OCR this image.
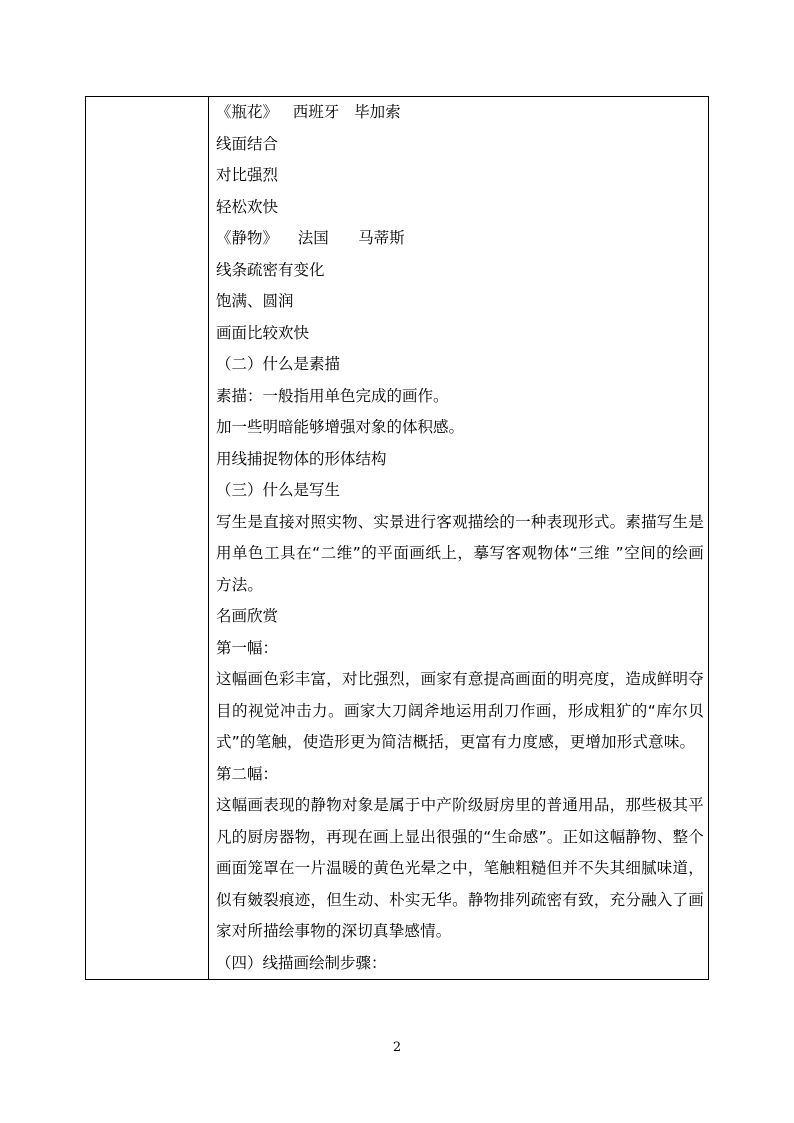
《瓶花》   西班牙   毕加索
线面结合
对比强烈
轻松欢快
《静物》    法国      马蒂斯
线条疏密有变化
饱满、圆润
画面比较欢快
（二）什么是素描
素描：一般指用单色完成的画作。
加一些明暗能够增强对象的体积感。
用线捕捉物体的形体结构
（三）什么是写生
写生是直接对照实物、实景进行客观描绘的一种表现形式。素描写生是用单色工具在“二维”的平面画纸上，摹写客观物体“三维 ”空间的绘画方法。
名画欣赏
第一幅：
这幅画色彩丰富，对比强烈，画家有意提高画面的明亮度，造成鲜明夺目的视觉冲击力。画家大刀阔斧地运用刮刀作画，形成粗犷的“库尔贝式”的笔触，使造形更为简洁概括，更富有力度感，更增加形式意味。
第二幅：
这幅画表现的静物对象是属于中产阶级厨房里的普通用品，那些极其平凡的厨房器物，再现在画上显出很强的“生命感”。正如这幅静物、整个画面笼罩在一片温暖的黄色光晕之中，笔触粗糙但并不失其细腻味道，似有皴裂痕迹，但生动、朴实无华。静物排列疏密有致，充分融入了画家对所描绘事物的深切真挚感情。
（四）线描画绘制步骤：
2
